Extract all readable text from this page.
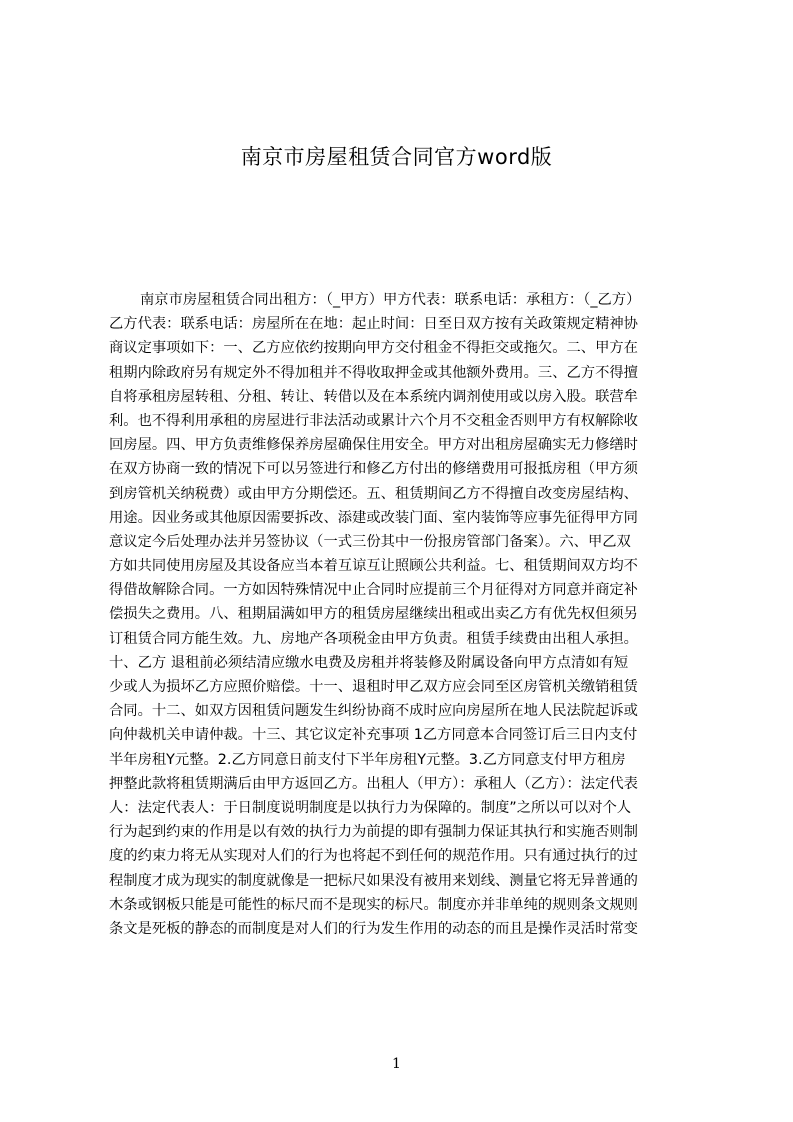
南京市房屋租赁合同官方word版
南京市房屋租赁合同出租方：（_甲方）甲方代表：联系电话：承租方：（_乙方）
乙方代表：联系电话：房屋所在在地：起止时间：日至日双方按有关政策规定精神协
商议定事项如下：一、乙方应依约按期向甲方交付租金不得拒交或拖欠。二、甲方在
租期内除政府另有规定外不得加租并不得收取押金或其他额外费用。三、乙方不得擅
自将承租房屋转租、分租、转让、转借以及在本系统内调剂使用或以房入股。联营牟
利。也不得利用承租的房屋进行非法活动或累计六个月不交租金否则甲方有权解除收
回房屋。四、甲方负责维修保养房屋确保住用安全。甲方对出租房屋确实无力修缮时
在双方协商一致的情况下可以另签进行和修乙方付出的修缮费用可报抵房租（甲方须
到房管机关纳税费）或由甲方分期偿还。五、租赁期间乙方不得擅自改变房屋结构、
用途。因业务或其他原因需要拆改、添建或改装门面、室内装饰等应事先征得甲方同
意议定今后处理办法并另签协议（一式三份其中一份报房管部门备案）。六、甲乙双
方如共同使用房屋及其设备应当本着互谅互让照顾公共利益。七、租赁期间双方均不
得借故解除合同。一方如因特殊情况中止合同时应提前三个月征得对方同意并商定补
偿损失之费用。八、租期届满如甲方的租赁房屋继续出租或出卖乙方有优先权但须另
订租赁合同方能生效。九、房地产各项税金由甲方负责。租赁手续费由出租人承担。
十、乙方 退租前必须结清应缴水电费及房租并将装修及附属设备向甲方点清如有短
少或人为损坏乙方应照价赔偿。十一、退租时甲乙双方应会同至区房管机关缴销租赁
合同。十二、如双方因租赁问题发生纠纷协商不成时应向房屋所在地人民法院起诉或
向仲裁机关申请仲裁。十三、其它议定补充事项 1乙方同意本合同签订后三日内支付
半年房租Y元整。2.乙方同意日前支付下半年房租Y元整。3.乙方同意支付甲方租房
押整此款将租赁期满后由甲方返回乙方。出租人（甲方）：承租人（乙方）：法定代表
人：法定代表人：于日制度说明制度是以执行力为保障的。制度”之所以可以对个人
行为起到约束的作用是以有效的执行力为前提的即有强制力保证其执行和实施否则制
度的约束力将无从实现对人们的行为也将起不到任何的规范作用。只有通过执行的过
程制度才成为现实的制度就像是一把标尺如果没有被用来划线、测量它将无异普通的
木条或钢板只能是可能性的标尺而不是现实的标尺。制度亦并非单纯的规则条文规则
条文是死板的静态的而制度是对人们的行为发生作用的动态的而且是操作灵活时常变
1
